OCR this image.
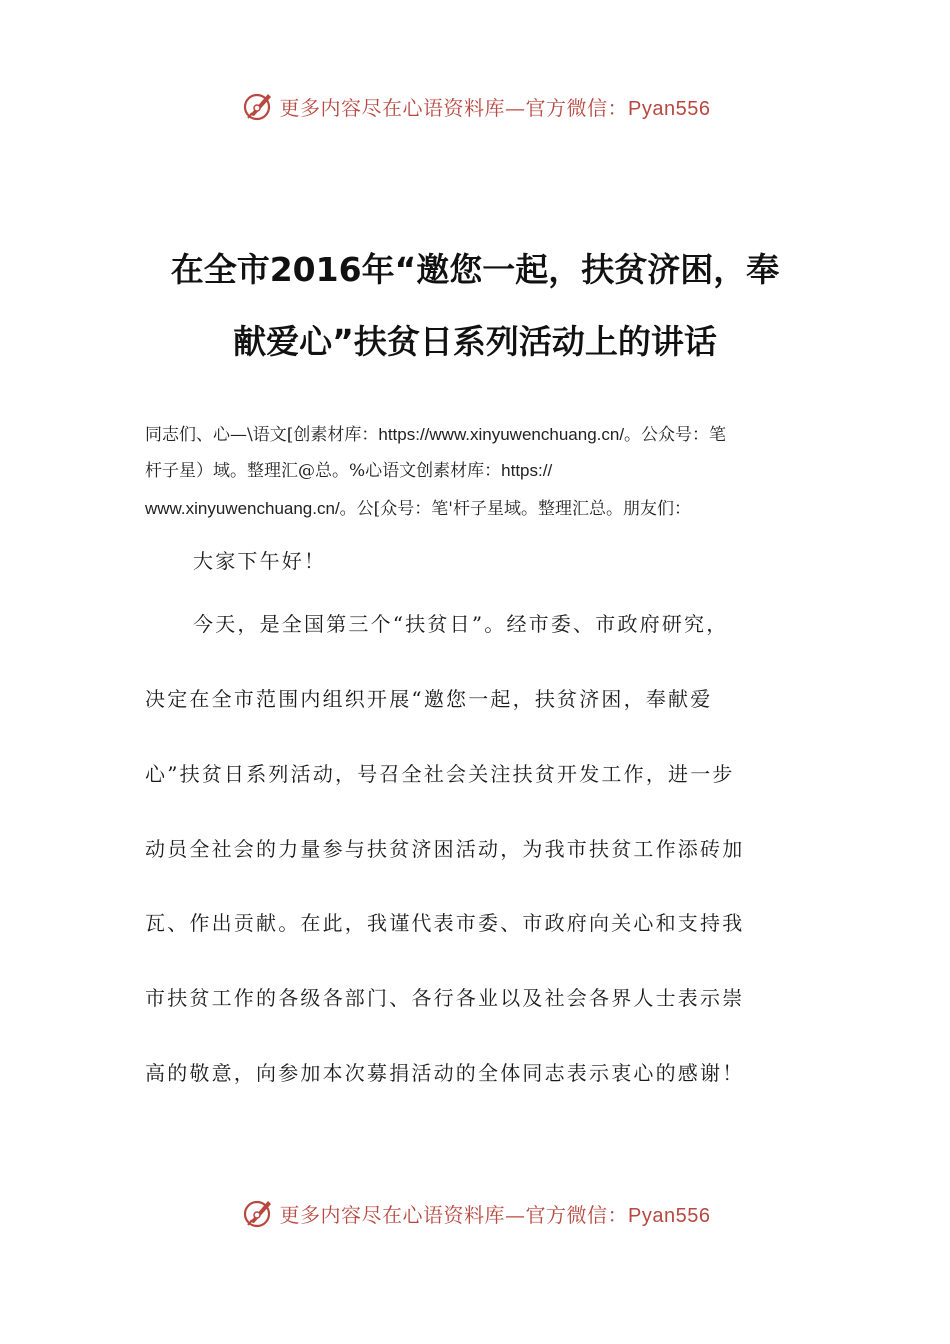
更多内容尽在心语资料库—官方微信：Pyan556
在全市2016年“邀您一起，扶贫济困，奉
献爱心”扶贫日系列活动上的讲话
同志们、心—\语文[创素材库：https://www.xinyuwenchuang.cn/。公众号：笔
杆子星）域。整理汇@总。%心语文创素材库：https://
www.xinyuwenchuang.cn/。公[众号：笔'杆子星域。整理汇总。朋友们：
大家下午好！
今天，是全国第三个“扶贫日”。经市委、市政府研究，
决定在全市范围内组织开展“邀您一起，扶贫济困，奉献爱
心”扶贫日系列活动，号召全社会关注扶贫开发工作，进一步
动员全社会的力量参与扶贫济困活动，为我市扶贫工作添砖加
瓦、作出贡献。在此，我谨代表市委、市政府向关心和支持我
市扶贫工作的各级各部门、各行各业以及社会各界人士表示崇
高的敬意，向参加本次募捐活动的全体同志表示衷心的感谢！
更多内容尽在心语资料库—官方微信：Pyan556
